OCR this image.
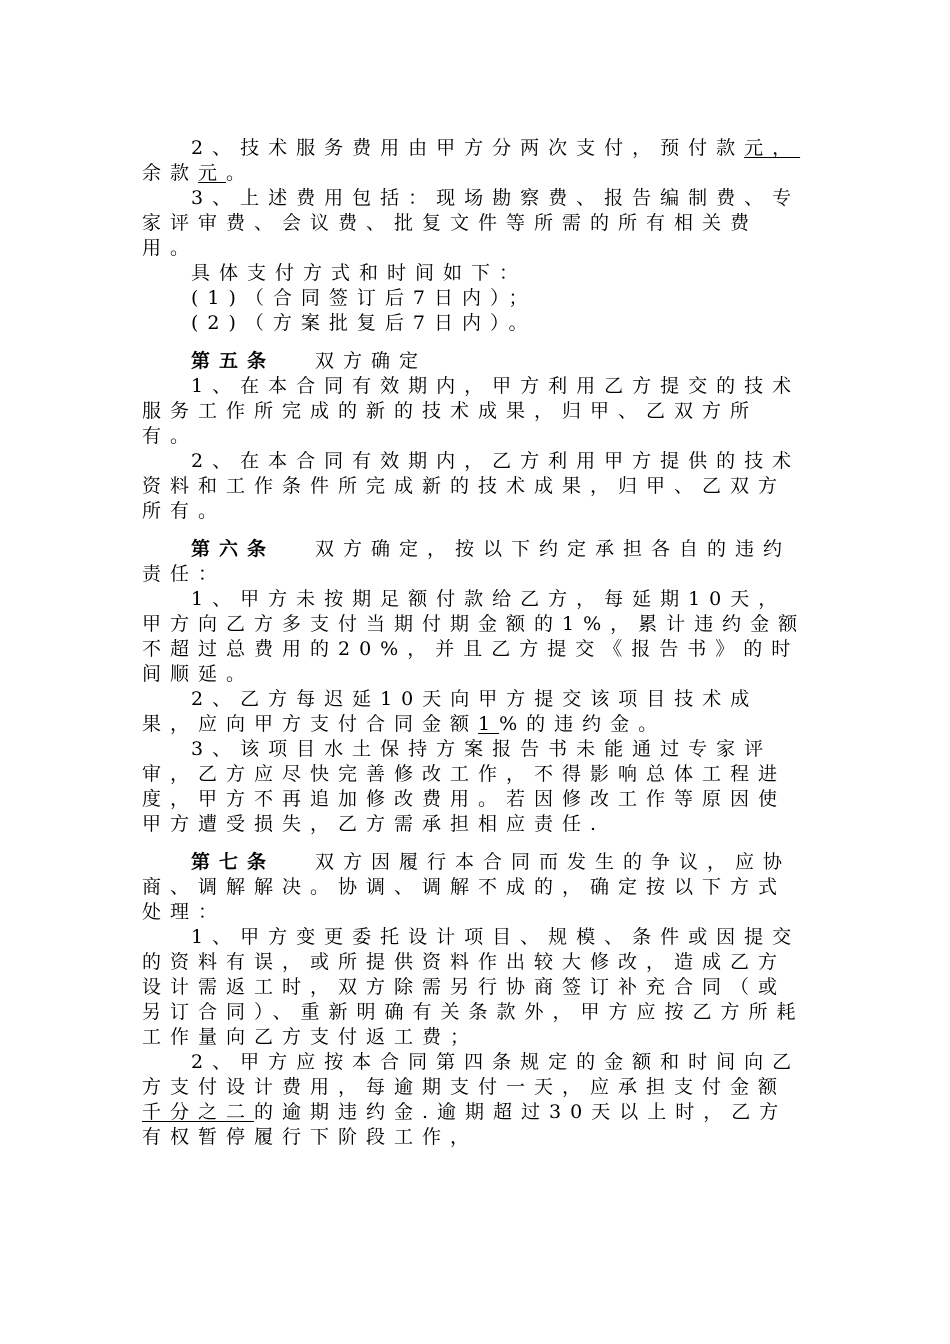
2、技术服务费用由甲方分两次支付，预付款元，余款元。

3、上述费用包括：现场勘察费、报告编制费、专家评审费、会议费、批复文件等所需的所有相关费用。

具体支付方式和时间如下：

(1)（合同签订后7日内）；

(2)（方案批复后7日内）。

第五条 双方确定

1、在本合同有效期内，甲方利用乙方提交的技术服务工作所完成的新的技术成果，归甲、乙双方所有。

2、在本合同有效期内，乙方利用甲方提供的技术资料和工作条件所完成新的技术成果，归甲、乙双方所有。

第六条 双方确定，按以下约定承担各自的违约责任：

1、甲方未按期足额付款给乙方，每延期10天，甲方向乙方多支付当期付期金额的1%，累计违约金额不超过总费用的20%，并且乙方提交《报告书》的时间顺延。

2、乙方每迟延10天向甲方提交该项目技术成果，应向甲方支付合同金额1%的违约金。

3、该项目水土保持方案报告书未能通过专家评审，乙方应尽快完善修改工作，不得影响总体工程进度，甲方不再追加修改费用。若因修改工作等原因使甲方遭受损失，乙方需承担相应责任.

第七条 双方因履行本合同而发生的争议，应协商、调解解决。协调、调解不成的，确定按以下方式处理：

1、甲方变更委托设计项目、规模、条件或因提交的资料有误，或所提供资料作出较大修改，造成乙方设计需返工时，双方除需另行协商签订补充合同（或另订合同）、重新明确有关条款外，甲方应按乙方所耗工作量向乙方支付返工费；

2、甲方应按本合同第四条规定的金额和时间向乙方支付设计费用，每逾期支付一天，应承担支付金额千分之二的逾期违约金.逾期超过30天以上时，乙方有权暂停履行下阶段工作，
